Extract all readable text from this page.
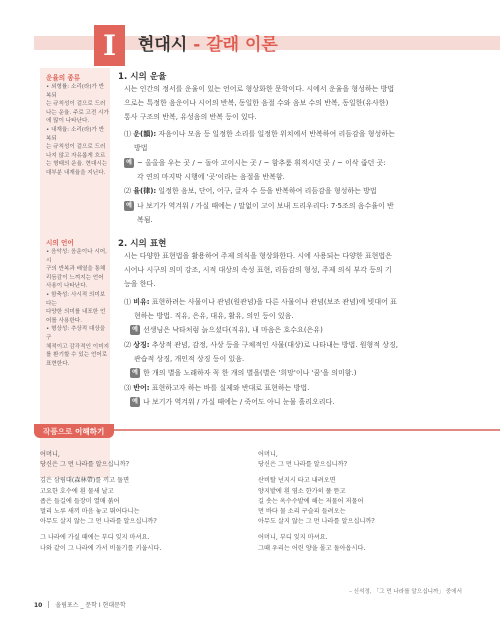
I	현대시 - 갈래 이론
운율의 종류
• 외형률: 소리(라)가 반복되
는 규칙성이 겉으로 드러
나는 운율. 주로 고전 시가
에 많이 나타난다.
• 내재율: 소리(라)가 반복되
는 규칙성이 겉으로 드러
나지 않고 자유롭게 흐르
는 형태의 운율. 현대시는
대부분 내재율을 지닌다.
시의 언어
• 음악성: 음운이나 시어, 시
구의 반복과 배열을 통해
리듬감이 느껴지는 언어
사용이 나타난다.
• 함축성: 사시적 의미보다는
다양한 의미를 내포한 언
어를 사용한다.
• 형상성: 추상적 대상을 구
체적이고 감각적인 이미지
를 환기할 수 있는 언어로
표현한다.
1. 시의 운율
시는 인간의 정서를 운율이 있는 언어로 형상화한 문학이다. 시에서 운율을 형성하는 방법
으로는 특정한 음운이나 시어의 반복, 동일한 음절 수와 음보 수의 반복, 동일한(유사한)
통사 구조의 반복, 유성음의 반복 등이 있다.
⑴ 운(韻): 자음이나 모음 등 일정한 소리를 일정한 위치에서 반복하여 리듬감을 형성하는
방법
예 ~ 올올을 우는 곳 / ~ 돌아 고이시는 곳 / ~ 함추룸 휘적시던 곳 / ~ 이삭 줍던 곳:
각 연의 마지막 시행에 '곳'이라는 음절을 반복함.
⑵ 율(律): 일정한 음보, 단어, 어구, 글자 수 등을 반복하여 리듬감을 형성하는 방법
예 나 보기가 역겨워 / 가실 때에는 / 말없이 고이 보내 드리우리다: 7·5조의 음수율이 반
복됨.
2. 시의 표현
시는 다양한 표현법을 활용하여 주제 의식을 형상화한다. 시에 사용되는 다양한 표현법은
시어나 시구의 의미 강조, 시적 대상의 속성 표현, 리듬감의 형성, 주제 의식 부각 등의 기
능을 한다.
⑴ 비유: 표현하려는 사물이나 관념(원관념)을 다른 사물이나 관념(보조 관념)에 빗대어 표
현하는 방법. 직유, 은유, 대유, 활유, 의인 등이 있음.
예 선생님은 낙타처럼 늙으셨다(직유), 내 마음은 호수요(은유)
⑵ 상징: 추상적 관념, 감정, 사상 등을 구체적인 사물(대상)로 나타내는 방법. 원형적 상징,
관습적 상징, 개인적 상징 등이 있음.
예 한 개의 별을 노래하자 꼭 한 개의 별을(별은 '희망'이나 '꿈'을 의미함.)
⑶ 반어: 표현하고자 하는 바를 실제와 반대로 표현하는 방법.
예 나 보기가 역겨워 / 가실 때에는 / 죽어도 아니 눈물 흘리오리다.
작품으로 이해하기
어머니,
당신은 그 먼 나라를 알으십니까?
깊은 삼림대(森林帶)를 끼고 돌면
고요한 호수에 흰 물새 날고
좁은 들길에 들장미 열매 붉어
멀리 노루 새끼 마음 놓고 뛰어다니는
아무도 살지 않는 그 먼 나라를 알으십니까?
그 나라에 가실 때에는 부디 잊지 마셔요.
나와 같이 그 나라에 가서 비둘기를 키웁시다.
어머니,
당신은 그 먼 나라를 알으십니까?
산비탈 넌지시 타고 내려오면
양지밭에 흰 염소 한가히 풀 뜯고
길 솟는 옥수수밭에 해는 저물어 저물어
먼 바다 물 소리 구슬피 들려오는
아무도 살지 않는 그 먼 나라를 알으십니까?
어머니, 부디 잊지 마셔요.
그때 우리는 어린 양을 몰고 돌아옵시다.
– 신석정, 「그 먼 나라를 알으십니까」 중에서
10 올림포스 _ 문학 I 현대문학
